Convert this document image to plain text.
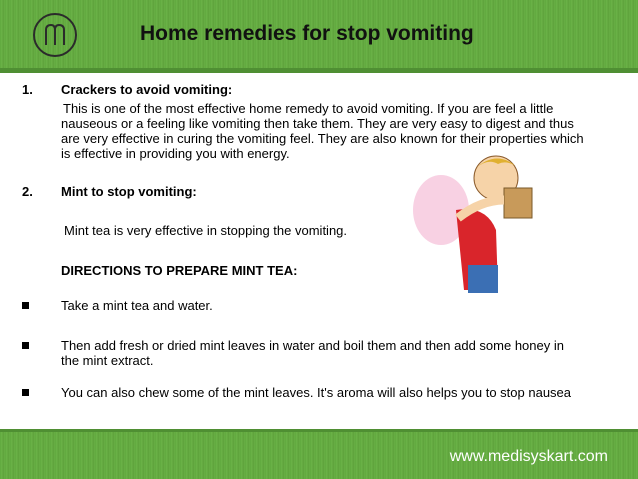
Home remedies for stop vomiting
1. Crackers to avoid vomiting:
This is one of the most effective home remedy to avoid vomiting. If you are feel a little nauseous or a feeling like vomiting then take them. They are very easy to digest and thus are very effective in curing the vomiting feel. They are also known for their properties which is effective in providing you with energy.
2. Mint to stop vomiting:
Mint tea is very effective in stopping the vomiting.
DIRECTIONS TO PREPARE MINT TEA:
Take a mint tea and water.
Then add fresh or dried mint leaves in water and boil them and then add some honey in the mint extract.
You can also chew some of the mint leaves. It's aroma will also helps you to stop nausea
www.medisyskart.com
